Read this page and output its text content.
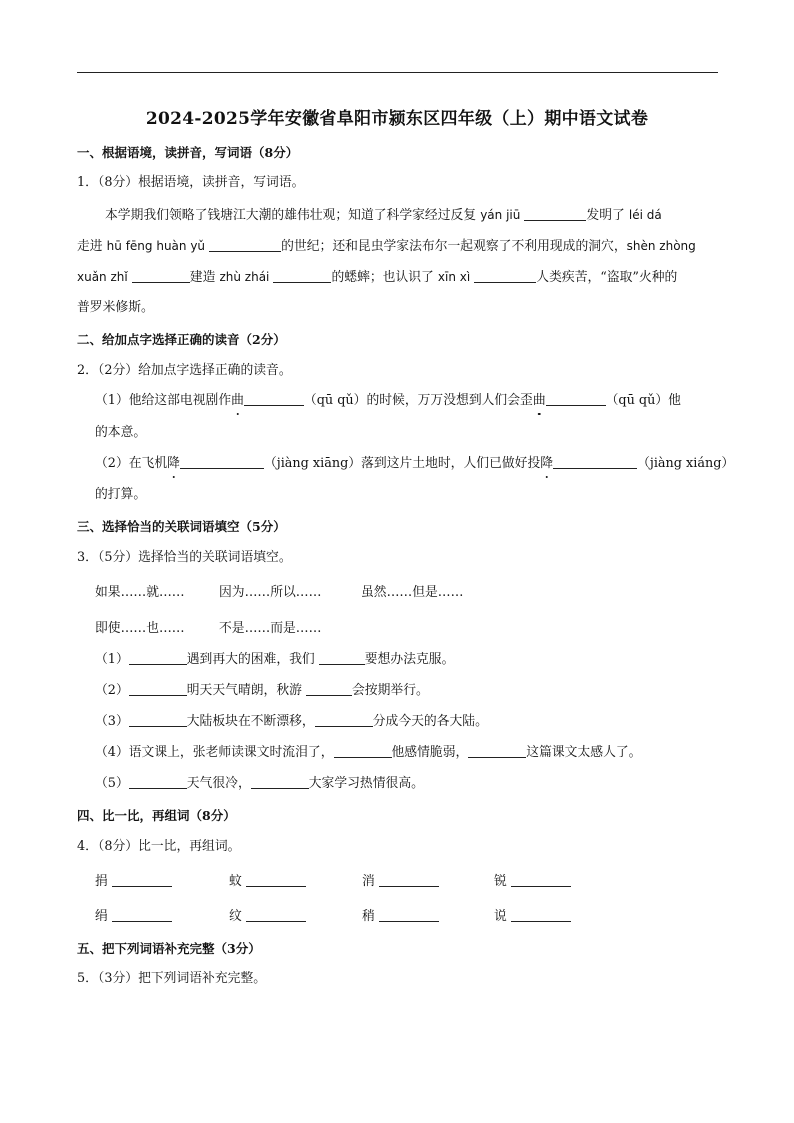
2024-2025学年安徽省阜阳市颍东区四年级（上）期中语文试卷
一、根据语境，读拼音，写词语（8分）
1．（8分）根据语境，读拼音，写词语。
本学期我们领略了钱塘江大潮的雄伟壮观；知道了科学家经过反复 yán jiū	发明了 léi dá
走进 hū fēng huàn yǔ	的世纪；还和昆虫学家法布尔一起观察了不利用现成的洞穴，shèn zhòng
xuǎn zhǐ	建造 zhù zhái	的蟋蟀；也认识了 xīn xì	人类疾苦，“盗取”火种的
普罗米修斯。
二、给加点字选择正确的读音（2分）
2．（2分）给加点字选择正确的读音。
（1）他给这部电视剧作曲	（qū qǔ）的时候，万万没想到人们会歪曲	（qū qǔ）他
的本意。
（2）在飞机降	（jiàng xiāng）落到这片土地时，人们已做好投降	（jiàng xiáng）
的打算。
三、选择恰当的关联词语填空（5分）
3．（5分）选择恰当的关联词语填空。
如果……就……	因为……所以……	虽然……但是……
即使……也……	不是……而是……
（1）	遇到再大的困难，我们	要想办法克服。
（2）	明天天气晴朗，秋游	会按期举行。
（3）	大陆板块在不断漂移，	分成今天的各大陆。
（4）语文课上，张老师读课文时流泪了，	他感情脆弱，	这篇课文太感人了。
（5）	天气很冷，	大家学习热情很高。
四、比一比，再组词（8分）
4．（8分）比一比，再组词。
捐	蚊	消	锐
绢	纹	稍	说
五、把下列词语补充完整（3分）
5．（3分）把下列词语补充完整。
